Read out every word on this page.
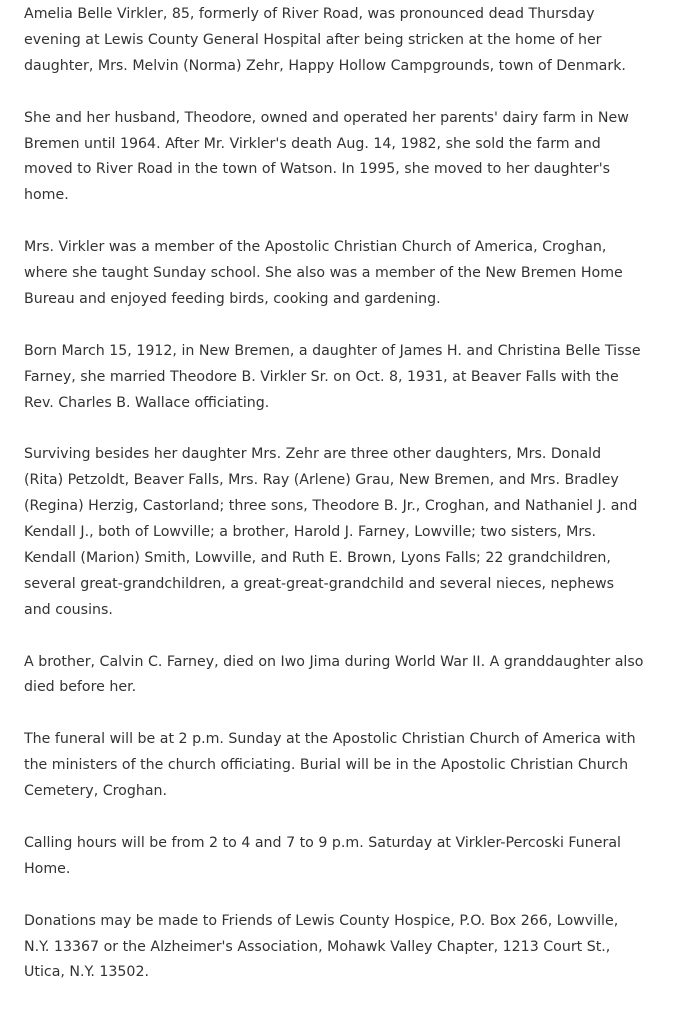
Amelia Belle Virkler, 85, formerly of River Road, was pronounced dead Thursday evening at Lewis County General Hospital after being stricken at the home of her daughter, Mrs. Melvin (Norma) Zehr, Happy Hollow Campgrounds, town of Denmark.

She and her husband, Theodore, owned and operated her parents' dairy farm in New Bremen until 1964. After Mr. Virkler's death Aug. 14, 1982, she sold the farm and moved to River Road in the town of Watson. In 1995, she moved to her daughter's home.

Mrs. Virkler was a member of the Apostolic Christian Church of America, Croghan, where she taught Sunday school. She also was a member of the New Bremen Home Bureau and enjoyed feeding birds, cooking and gardening.

Born March 15, 1912, in New Bremen, a daughter of James H. and Christina Belle Tisse Farney, she married Theodore B. Virkler Sr. on Oct. 8, 1931, at Beaver Falls with the Rev. Charles B. Wallace officiating.

Surviving besides her daughter Mrs. Zehr are three other daughters, Mrs. Donald (Rita) Petzoldt, Beaver Falls, Mrs. Ray (Arlene) Grau, New Bremen, and Mrs. Bradley (Regina) Herzig, Castorland; three sons, Theodore B. Jr., Croghan, and Nathaniel J. and Kendall J., both of Lowville; a brother, Harold J. Farney, Lowville; two sisters, Mrs. Kendall (Marion) Smith, Lowville, and Ruth E. Brown, Lyons Falls; 22 grandchildren, several great-grandchildren, a great-great-grandchild and several nieces, nephews and cousins.

A brother, Calvin C. Farney, died on Iwo Jima during World War II. A granddaughter also died before her.

The funeral will be at 2 p.m. Sunday at the Apostolic Christian Church of America with the ministers of the church officiating. Burial will be in the Apostolic Christian Church Cemetery, Croghan.

Calling hours will be from 2 to 4 and 7 to 9 p.m. Saturday at Virkler-Percoski Funeral Home.

Donations may be made to Friends of Lewis County Hospice, P.O. Box 266, Lowville, N.Y. 13367 or the Alzheimer's Association, Mohawk Valley Chapter, 1213 Court St., Utica, N.Y. 13502.
